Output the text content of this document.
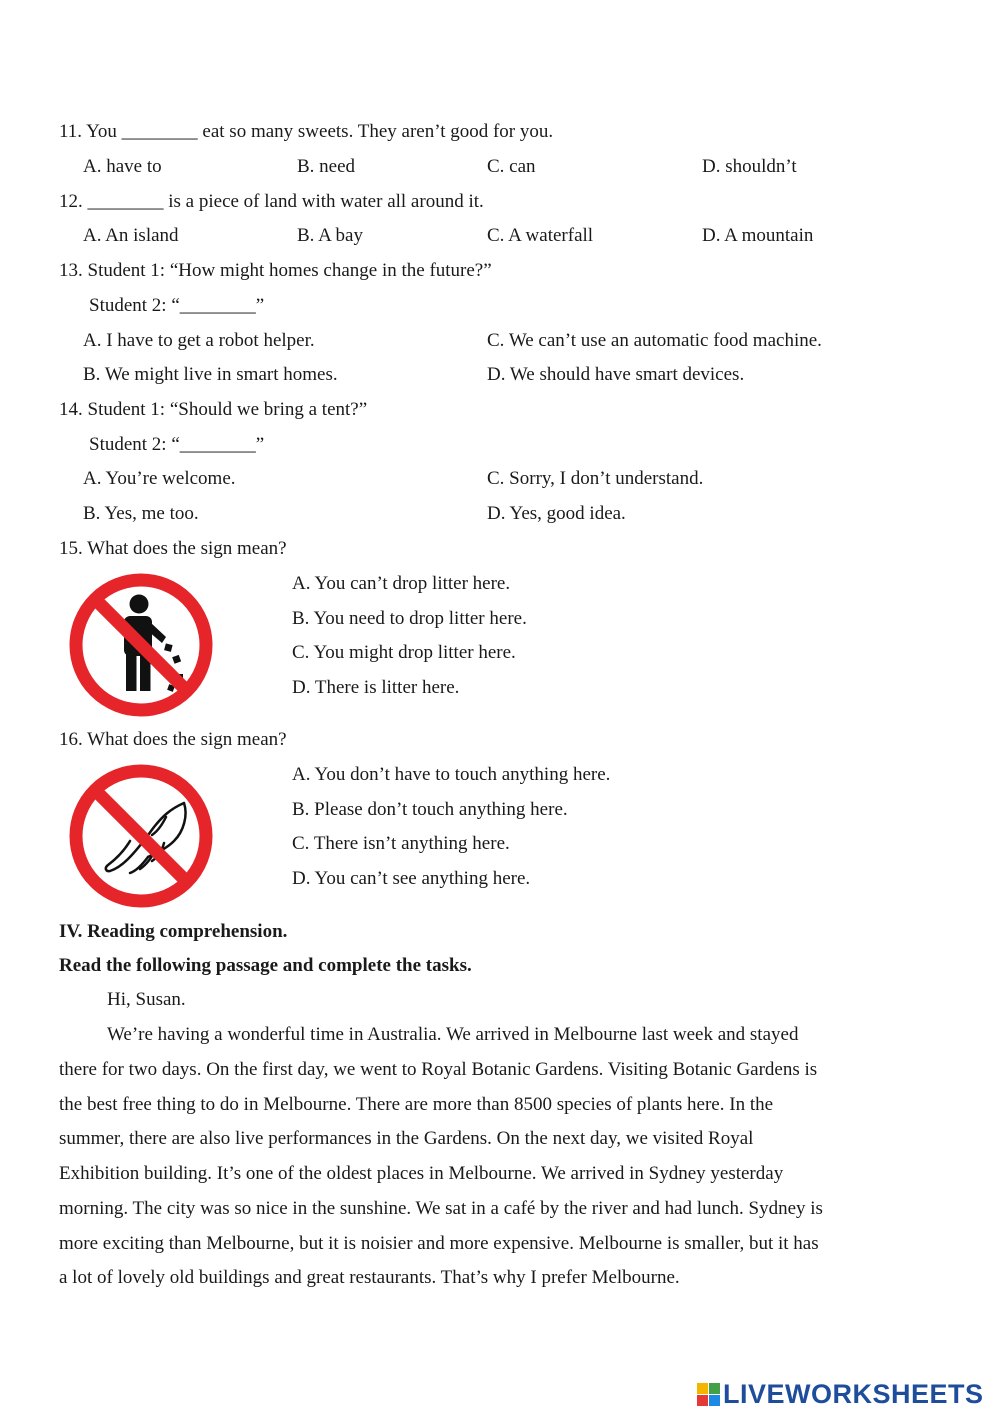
11. You ________ eat so many sweets. They aren’t good for you.
A. have to	B. need	C. can	D. shouldn’t
12. ________ is a piece of land with water all around it.
A. An island	B. A bay	C. A waterfall	D. A mountain
13. Student 1: “How might homes change in the future?”
Student 2: “________”
A. I have to get a robot helper.	C. We can’t use an automatic food machine.
B. We might live in smart homes.	D. We should have smart devices.
14. Student 1: “Should we bring a tent?”
Student 2: “________”
A. You’re welcome.	C. Sorry, I don’t understand.
B. Yes, me too.	D. Yes, good idea.
15. What does the sign mean?
A. You can’t drop litter here.
B. You need to drop litter here.
C. You might drop litter here.
D. There is litter here.
16. What does the sign mean?
A. You don’t have to touch anything here.
B. Please don’t touch anything here.
C. There isn’t anything here.
D. You can’t see anything here.
IV. Reading comprehension.
Read the following passage and complete the tasks.
Hi, Susan.
We’re having a wonderful time in Australia. We arrived in Melbourne last week and stayed
there for two days. On the first day, we went to Royal Botanic Gardens. Visiting Botanic Gardens is
the best free thing to do in Melbourne. There are more than 8500 species of plants here. In the
summer, there are also live performances in the Gardens. On the next day, we visited Royal
Exhibition building. It’s one of the oldest places in Melbourne. We arrived in Sydney yesterday
morning. The city was so nice in the sunshine. We sat in a café by the river and had lunch. Sydney is
more exciting than Melbourne, but it is noisier and more expensive. Melbourne is smaller, but it has
a lot of lovely old buildings and great restaurants. That’s why I prefer Melbourne.
LIVEWORKSHEETS
